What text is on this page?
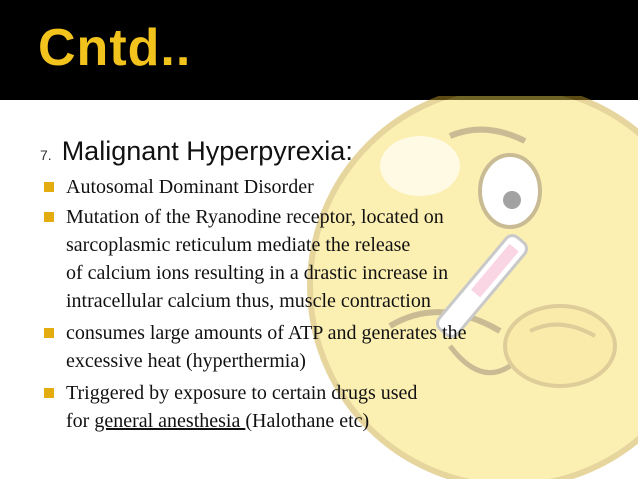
Cntd..
7. Malignant Hyperpyrexia:
Autosomal Dominant Disorder
Mutation of the Ryanodine receptor, located on
sarcoplasmic reticulum mediate the release
of calcium ions resulting in a drastic increase in
intracellular calcium thus, muscle contraction
consumes large amounts of ATP and generates the
excessive heat (hyperthermia)
Triggered by exposure to certain drugs used
for general anesthesia (Halothane etc)
